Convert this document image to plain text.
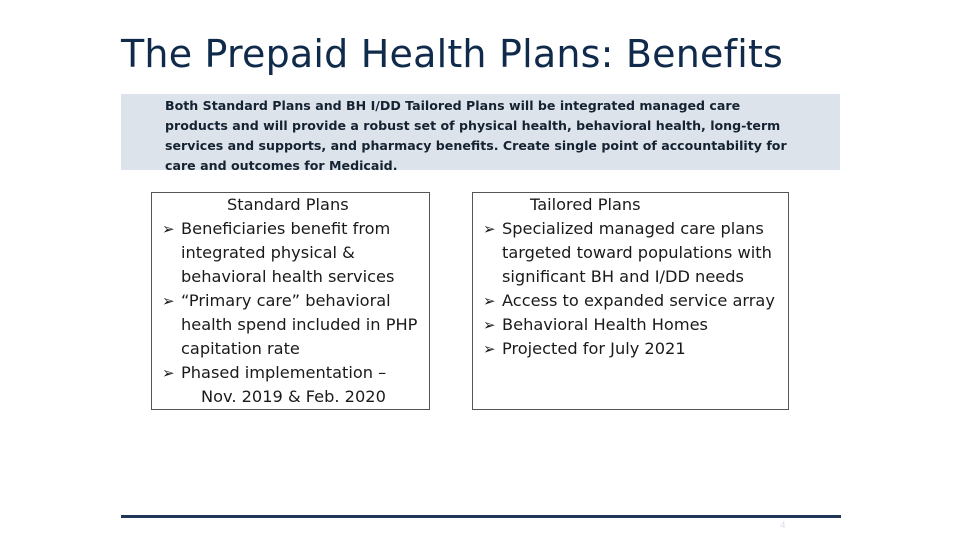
The Prepaid Health Plans: Benefits

Both Standard Plans and BH I/DD Tailored Plans will be integrated managed care products and will provide a robust set of physical health, behavioral health, long-term services and supports, and pharmacy benefits. Create single point of accountability for care and outcomes for Medicaid.

Standard Plans
➢ Beneficiaries benefit from integrated physical & behavioral health services
➢ “Primary care” behavioral health spend included in PHP capitation rate
➢ Phased implementation –
Nov. 2019 & Feb. 2020
Tailored Plans
➢ Specialized managed care plans targeted toward populations with significant BH and I/DD needs
➢ Access to expanded service array
➢ Behavioral Health Homes
➢ Projected for July 2021
4
